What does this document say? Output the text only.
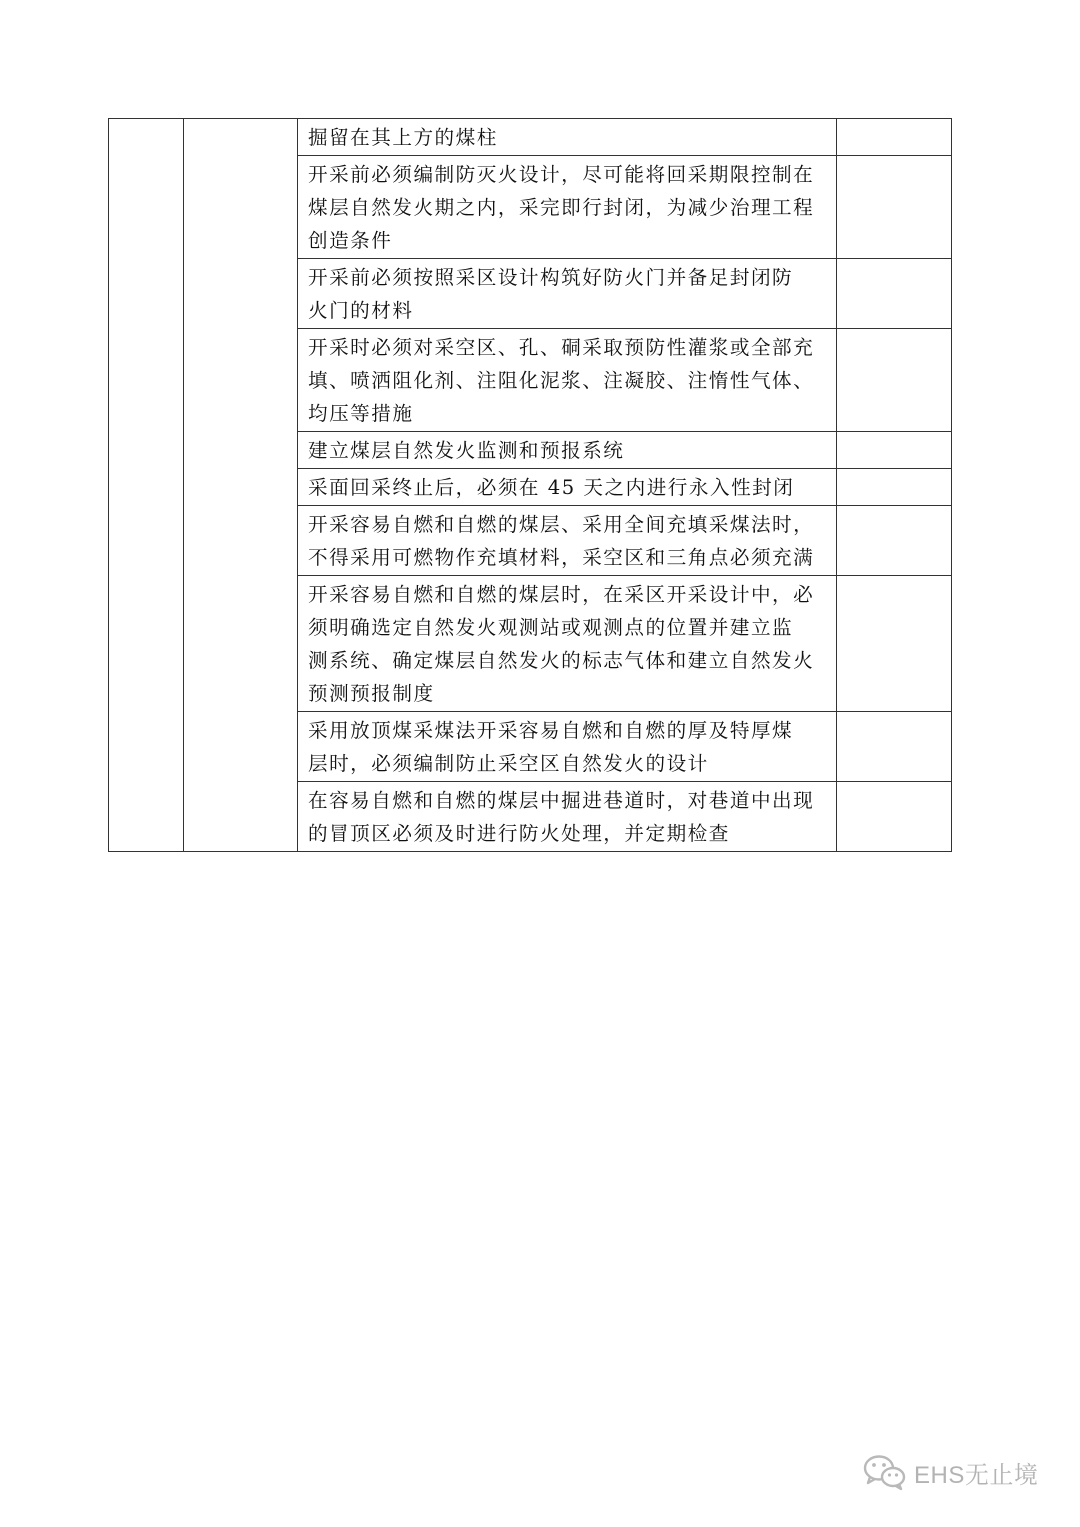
		掘留在其上方的煤柱	

		开采前必须编制防灭火设计，尽可能将回采期限控制在
煤层自然发火期之内，采完即行封闭，为减少治理工程
创造条件	

		开采前必须按照采区设计构筑好防火门并备足封闭防
火门的材料	

		开采时必须对采空区、孔、硐采取预防性灌浆或全部充
填、喷洒阻化剂、注阻化泥浆、注凝胶、注惰性气体、
均压等措施	

		建立煤层自然发火监测和预报系统	

		采面回采终止后，必须在 45 天之内进行永入性封闭	

		开采容易自燃和自燃的煤层、采用全间充填采煤法时，
不得采用可燃物作充填材料，采空区和三角点必须充满	

		开采容易自燃和自燃的煤层时，在采区开采设计中，必
须明确选定自然发火观测站或观测点的位置并建立监
测系统、确定煤层自然发火的标志气体和建立自然发火
预测预报制度	

		采用放顶煤采煤法开采容易自燃和自燃的厚及特厚煤
层时，必须编制防止采空区自然发火的设计	

		在容易自燃和自燃的煤层中掘进巷道时，对巷道中出现
的冒顶区必须及时进行防火处理，并定期检查	

EHS无止境
